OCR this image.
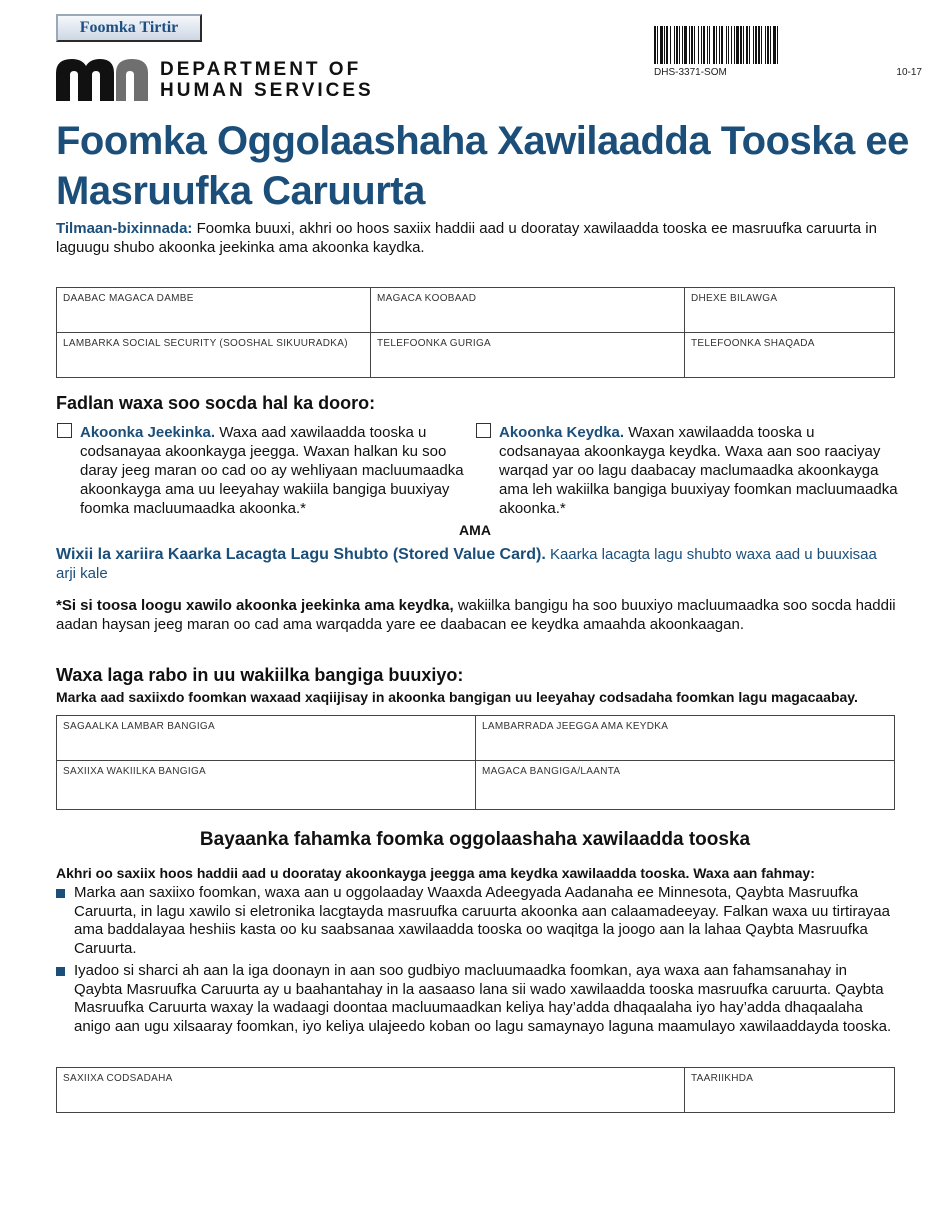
Foomka Tirtir
DHS-3371-SOM	10-17
DEPARTMENT OF
HUMAN SERVICES
Foomka Oggolaashaha Xawilaadda Tooska ee Masruufka Caruurta
Tilmaan-bixinnada: Foomka buuxi, akhri oo hoos saxiix haddii aad u dooratay xawilaadda tooska ee masruufka caruurta in laguugu shubo akoonka jeekinka ama akoonka kaydka.
DAABAC MAGACA DAMBE	MAGACA KOOBAAD	DHEXE BILAWGA

LAMBARKA SOCIAL SECURITY (SOOSHAL SIKUURADKA)	TELEFOONKA GURIGA	TELEFOONKA SHAQADA
Fadlan waxa soo socda hal ka dooro:
Akoonka Jeekinka. Waxa aad xawilaadda tooska u codsanayaa akoonkayga jeegga. Waxan halkan ku soo daray jeeg maran oo cad oo ay wehliyaan macluumaadka akoonkayga ama uu leeyahay wakiila bangiga buuxiyay foomka macluumaadka akoonka.*
Akoonka Keydka. Waxan xawilaadda tooska u codsanayaa akoonkayga keydka. Waxa aan soo raaciyay warqad yar oo lagu daabacay maclumaadka akoonkayga ama leh wakiilka bangiga buuxiyay foomkan macluumaadka akoonka.*
AMA
Wixii la xariira Kaarka Lacagta Lagu Shubto (Stored Value Card). Kaarka lacagta lagu shubto waxa aad u buuxisaa arji kale
*Si si toosa loogu xawilo akoonka jeekinka ama keydka, wakiilka bangigu ha soo buuxiyo macluumaadka soo socda haddii aadan haysan jeeg maran oo cad ama warqadda yare ee daabacan ee keydka amaahda akoonkaagan.
Waxa laga rabo in uu wakiilka bangiga buuxiyo:
Marka aad saxiixdo foomkan waxaad xaqiijisay in akoonka bangigan uu leeyahay codsadaha foomkan lagu magacaabay.
SAGAALKA LAMBAR BANGIGA	LAMBARRADA JEEGGA AMA KEYDKA

SAXIIXA WAKIILKA BANGIGA	MAGACA BANGIGA/LAANTA
Bayaanka fahamka foomka oggolaashaha xawilaadda tooska
Akhri oo saxiix hoos haddii aad u dooratay akoonkayga jeegga ama keydka xawilaadda tooska. Waxa aan fahmay:
Marka aan saxiixo foomkan, waxa aan u oggolaaday Waaxda Adeegyada Aadanaha ee Minnesota, Qaybta Masruufka Caruurta, in lagu xawilo si eletronika lacgtayda masruufka caruurta akoonka aan calaamadeeyay. Falkan waxa uu tirtirayaa ama baddalayaa heshiis kasta oo ku saabsanaa xawilaadda tooska oo waqitga la joogo aan la lahaa Qaybta Masruufka Caruurta.
Iyadoo si sharci ah aan la iga doonayn in aan soo gudbiyo macluumaadka foomkan, aya waxa aan fahamsanahay in Qaybta Masruufka Caruurta ay u baahantahay in la aasaaso lana sii wado xawilaadda tooska masruufka caruurta. Qaybta Masruufka Caruurta waxay la wadaagi doontaa macluumaadkan keliya hay’adda dhaqaalaha iyo hay’adda dhaqaalaha anigo aan ugu xilsaaray foomkan, iyo keliya ulajeedo koban oo lagu samaynayo laguna maamulayo xawilaaddayda tooska.
SAXIIXA CODSADAHA	TAARIIKHDA
